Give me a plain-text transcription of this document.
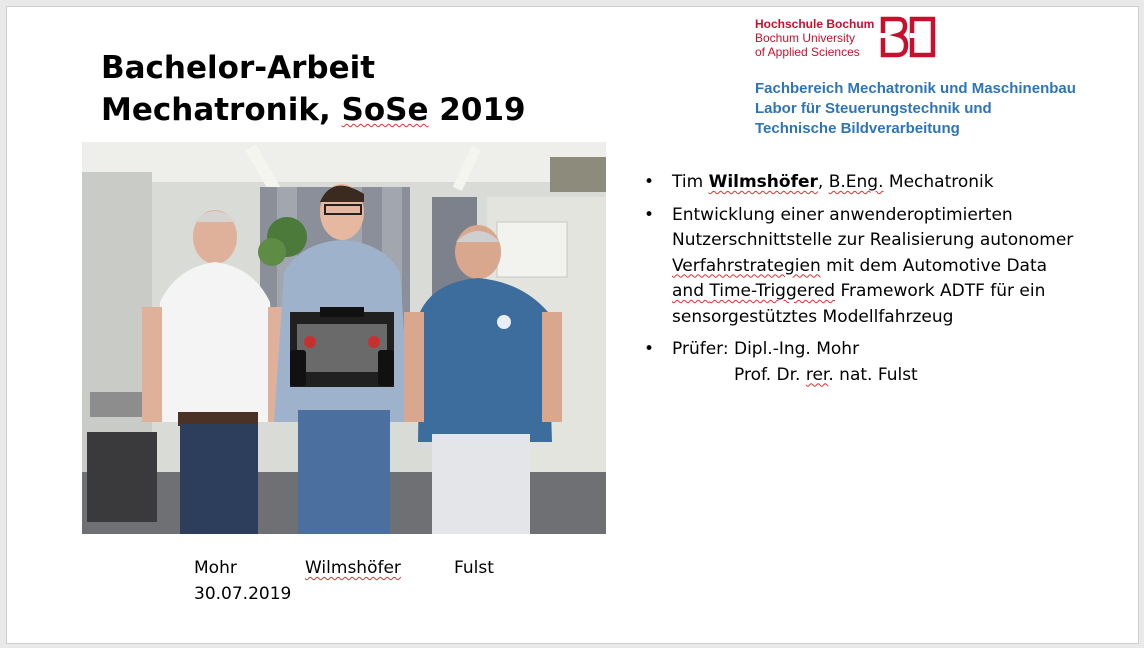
Bachelor-Arbeit
Mechatronik, SoSe 2019
Hochschule Bochum
Bochum University
of Applied Sciences
Fachbereich Mechatronik und Maschinenbau
Labor für Steuerungstechnik und
Technische Bildverarbeitung
Mohr	Wilmshöfer	Fulst
30.07.2019
• Tim Wilmshöfer, B.Eng. Mechatronik
• Entwicklung einer anwenderoptimierten
Nutzerschnittstelle zur Realisierung autonomer
Verfahrstrategien mit dem Automotive Data
and Time-Triggered Framework ADTF für ein
sensorgestütztes Modellfahrzeug
• Prüfer: Dipl.-Ing. Mohr
Prof. Dr. rer. nat. Fulst
